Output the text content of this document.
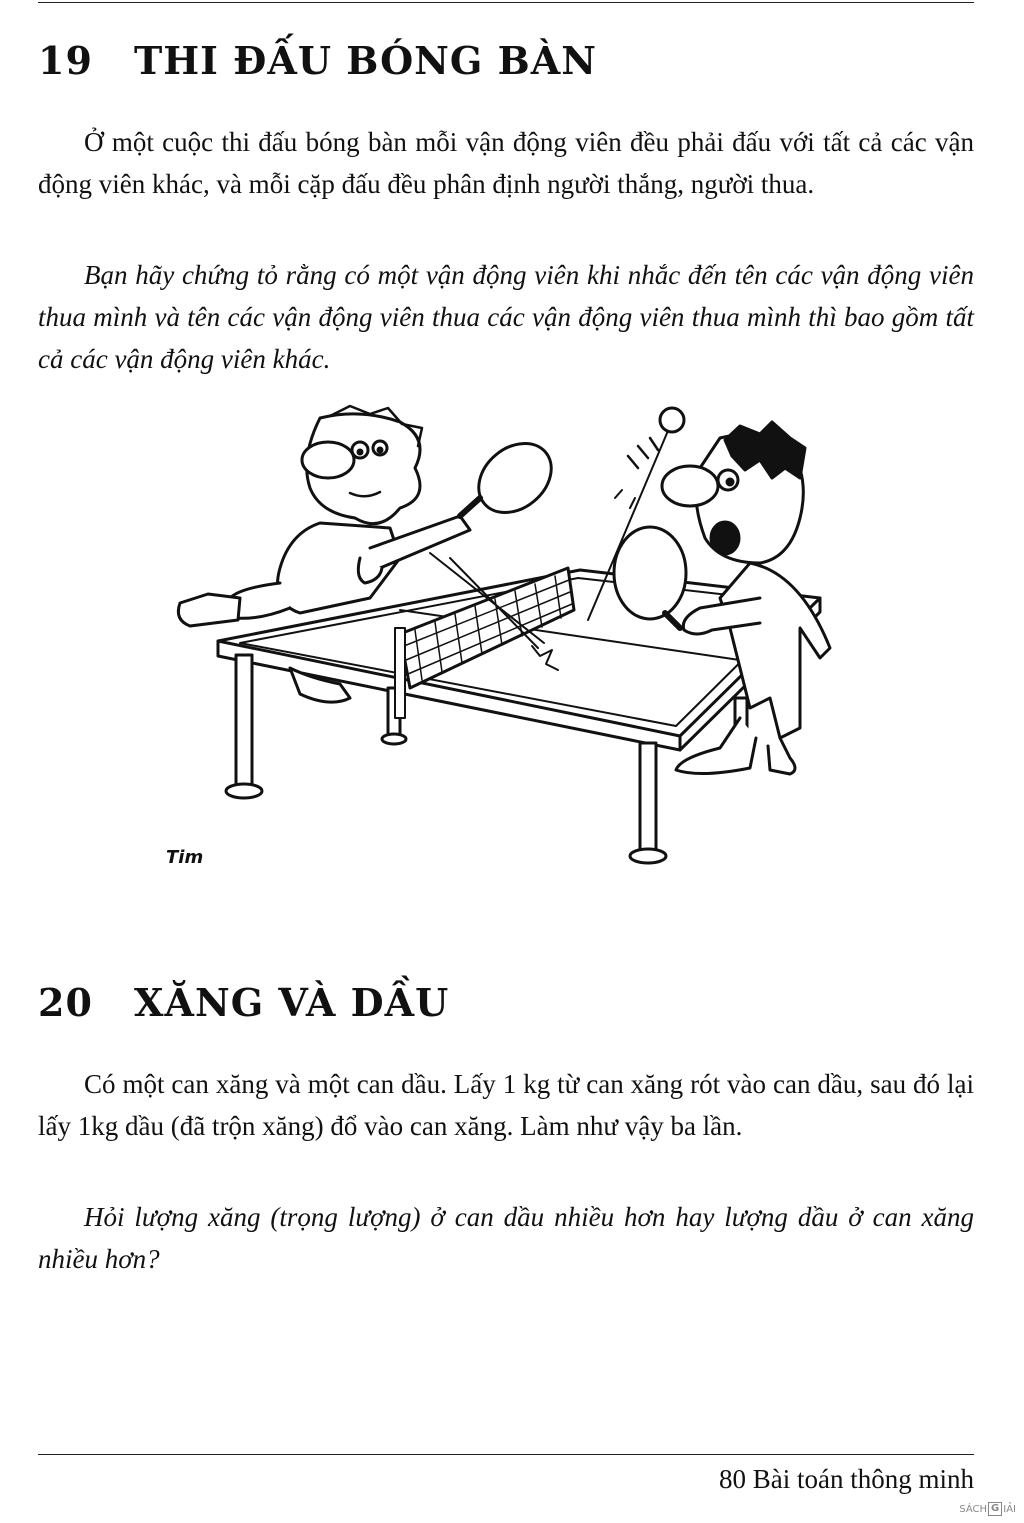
19 THI ĐẤU BÓNG BÀN

Ở một cuộc thi đấu bóng bàn mỗi vận động viên đều phải đấu với tất cả các vận động viên khác, và mỗi cặp đấu đều phân định người thắng, người thua.

Bạn hãy chứng tỏ rằng có một vận động viên khi nhắc đến tên các vận động viên thua mình và tên các vận động viên thua các vận động viên thua mình thì bao gồm tất cả các vận động viên khác.

Tim
20 XĂNG VÀ DẦU

Có một can xăng và một can dầu. Lấy 1 kg từ can xăng rót vào can dầu, sau đó lại lấy 1kg dầu (đã trộn xăng) đổ vào can xăng. Làm như vậy ba lần.

Hỏi lượng xăng (trọng lượng) ở can dầu nhiều hơn hay lượng dầu ở can xăng nhiều hơn?

80 Bài toán thông minh
SÁCH G IẢI
